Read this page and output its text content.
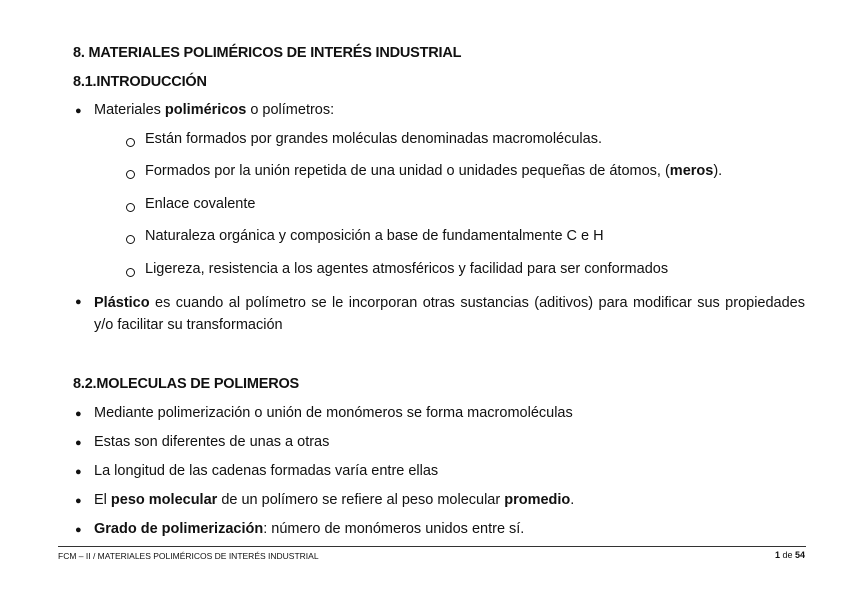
8. MATERIALES POLIMÉRICOS DE INTERÉS INDUSTRIAL
8.1.INTRODUCCIÓN
● Materiales poliméricos o polímetros:
Están formados por grandes moléculas denominadas macromoléculas.
Formados por la unión repetida de una unidad o unidades pequeñas de átomos, (meros).
Enlace covalente
Naturaleza orgánica y composición a base de fundamentalmente C e H
Ligereza, resistencia a los agentes atmosféricos y facilidad para ser conformados
● Plástico es cuando al polímetro se le incorporan otras sustancias (aditivos) para modificar sus propiedades y/o facilitar su transformación
8.2.MOLECULAS DE POLIMEROS
● Mediante polimerización o unión de monómeros se forma macromoléculas
● Estas son diferentes de unas a otras
● La longitud de las cadenas formadas varía entre ellas
● El peso molecular de un polímero se refiere al peso molecular promedio.
● Grado de polimerización: número de monómeros unidos entre sí.
FCM – II / MATERIALES POLIMÉRICOS DE INTERÉS INDUSTRIAL	1 de 54
